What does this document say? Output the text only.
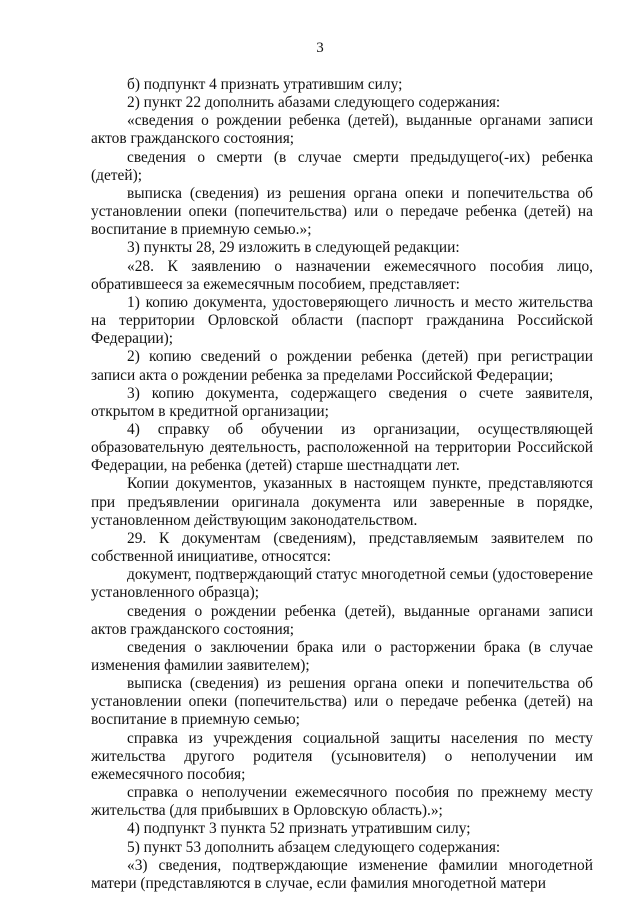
3

б) подпункт 4 признать утратившим силу;

2) пункт 22 дополнить абазами следующего содержания:

«сведения о рождении ребенка (детей), выданные органами записи актов гражданского состояния;

сведения о смерти (в случае смерти предыдущего(-их) ребенка (детей);

выписка (сведения) из решения органа опеки и попечительства об установлении опеки (попечительства) или о передаче ребенка (детей) на воспитание в приемную семью.»;

3) пункты 28, 29 изложить в следующей редакции:

«28. К заявлению о назначении ежемесячного пособия лицо, обратившееся за ежемесячным пособием, представляет:

1) копию документа, удостоверяющего личность и место жительства на территории Орловской области (паспорт гражданина Российской Федерации);

2) копию сведений о рождении ребенка (детей) при регистрации записи акта о рождении ребенка за пределами Российской Федерации;

3) копию документа, содержащего сведения о счете заявителя, открытом в кредитной организации;

4) справку об обучении из организации, осуществляющей образовательную деятельность, расположенной на территории Российской Федерации, на ребенка (детей) старше шестнадцати лет.

Копии документов, указанных в настоящем пункте, представляются при предъявлении оригинала документа или заверенные в порядке, установленном действующим законодательством.

29. К документам (сведениям), представляемым заявителем по собственной инициативе, относятся:

документ, подтверждающий статус многодетной семьи (удостоверение установленного образца);

сведения о рождении ребенка (детей), выданные органами записи актов гражданского состояния;

сведения о заключении брака или о расторжении брака (в случае изменения фамилии заявителем);

выписка (сведения) из решения органа опеки и попечительства об установлении опеки (попечительства) или о передаче ребенка (детей) на воспитание в приемную семью;

справка из учреждения социальной защиты населения по месту жительства другого родителя (усыновителя) о неполучении им ежемесячного пособия;

справка о неполучении ежемесячного пособия по прежнему месту жительства (для прибывших в Орловскую область).»;

4) подпункт 3 пункта 52 признать утратившим силу;

5) пункт 53 дополнить абзацем следующего содержания:

«3) сведения, подтверждающие изменение фамилии многодетной матери (представляются в случае, если фамилия многодетной матери
